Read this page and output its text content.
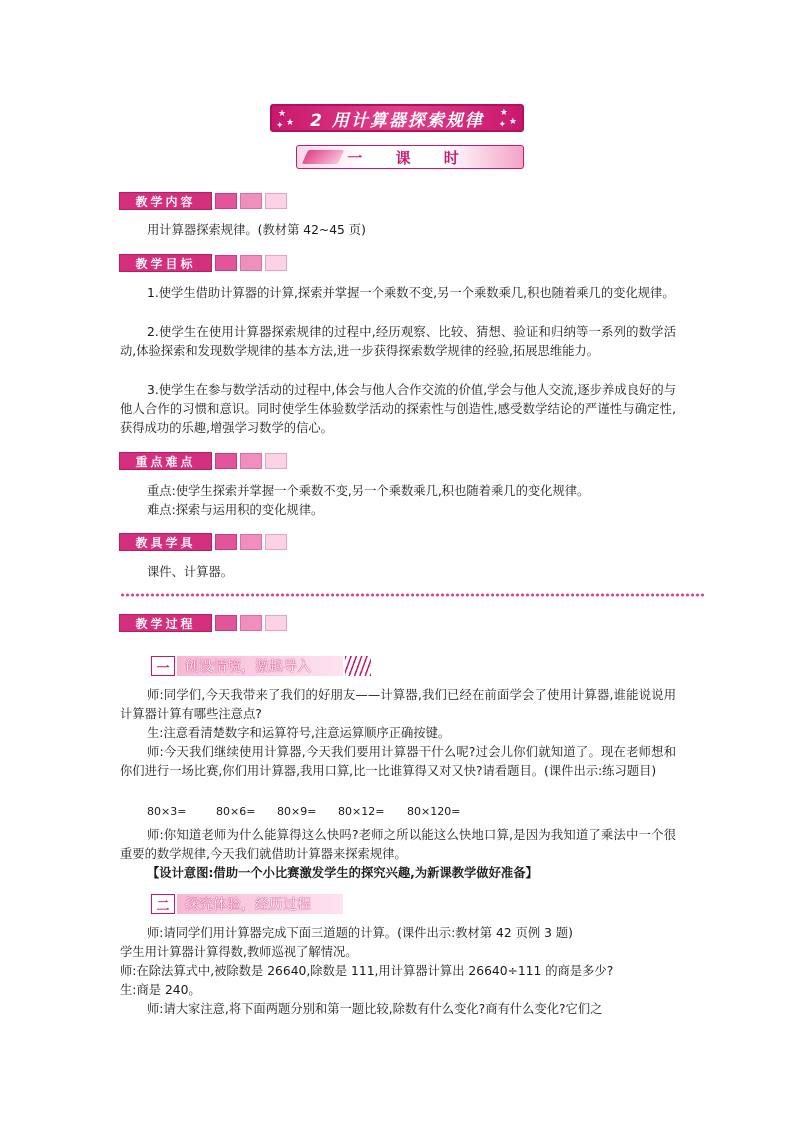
★
★
✦ 2 用计算器探索规律 ★
★
✦
一 课 时
教学内容
用计算器探索规律。(教材第 42~45 页)
教学目标
1.使学生借助计算器的计算,探索并掌握一个乘数不变,另一个乘数乘几,积也随着乘几的变化规律。
2.使学生在使用计算器探索规律的过程中,经历观察、比较、猜想、验证和归纳等一系列的数学活动,体验探索和发现数学规律的基本方法,进一步获得探索数学规律的经验,拓展思维能力。
3.使学生在参与数学活动的过程中,体会与他人合作交流的价值,学会与他人交流,逐步养成良好的与他人合作的习惯和意识。同时使学生体验数学活动的探索性与创造性,感受数学结论的严谨性与确定性,获得成功的乐趣,增强学习数学的信心。
重点难点
重点:使学生探索并掌握一个乘数不变,另一个乘数乘几,积也随着乘几的变化规律。
难点:探索与运用积的变化规律。
教具学具
课件、计算器。
教学过程
一	创设情境，激趣导入
师:同学们,今天我带来了我们的好朋友——计算器,我们已经在前面学会了使用计算器,谁能说说用计算器计算有哪些注意点?
生:注意看清楚数字和运算符号,注意运算顺序正确按键。
师:今天我们继续使用计算器,今天我们要用计算器干什么呢?过会儿你们就知道了。现在老师想和你们进行一场比赛,你们用计算器,我用口算,比一比谁算得又对又快?请看题目。(课件出示:练习题目)
80×3=	80×6= 80×9= 80×12= 80×120=
师:你知道老师为什么能算得这么快吗?老师之所以能这么快地口算,是因为我知道了乘法中一个很重要的数学规律,今天我们就借助计算器来探索规律。
【设计意图:借助一个小比赛激发学生的探究兴趣,为新课教学做好准备】
二	探究体验，经历过程
师:请同学们用计算器完成下面三道题的计算。(课件出示:教材第 42 页例 3 题)
学生用计算器计算得数,教师巡视了解情况。
师:在除法算式中,被除数是 26640,除数是 111,用计算器计算出 26640÷111 的商是多少?
生:商是 240。
师:请大家注意,将下面两题分别和第一题比较,除数有什么变化?商有什么变化?它们之
